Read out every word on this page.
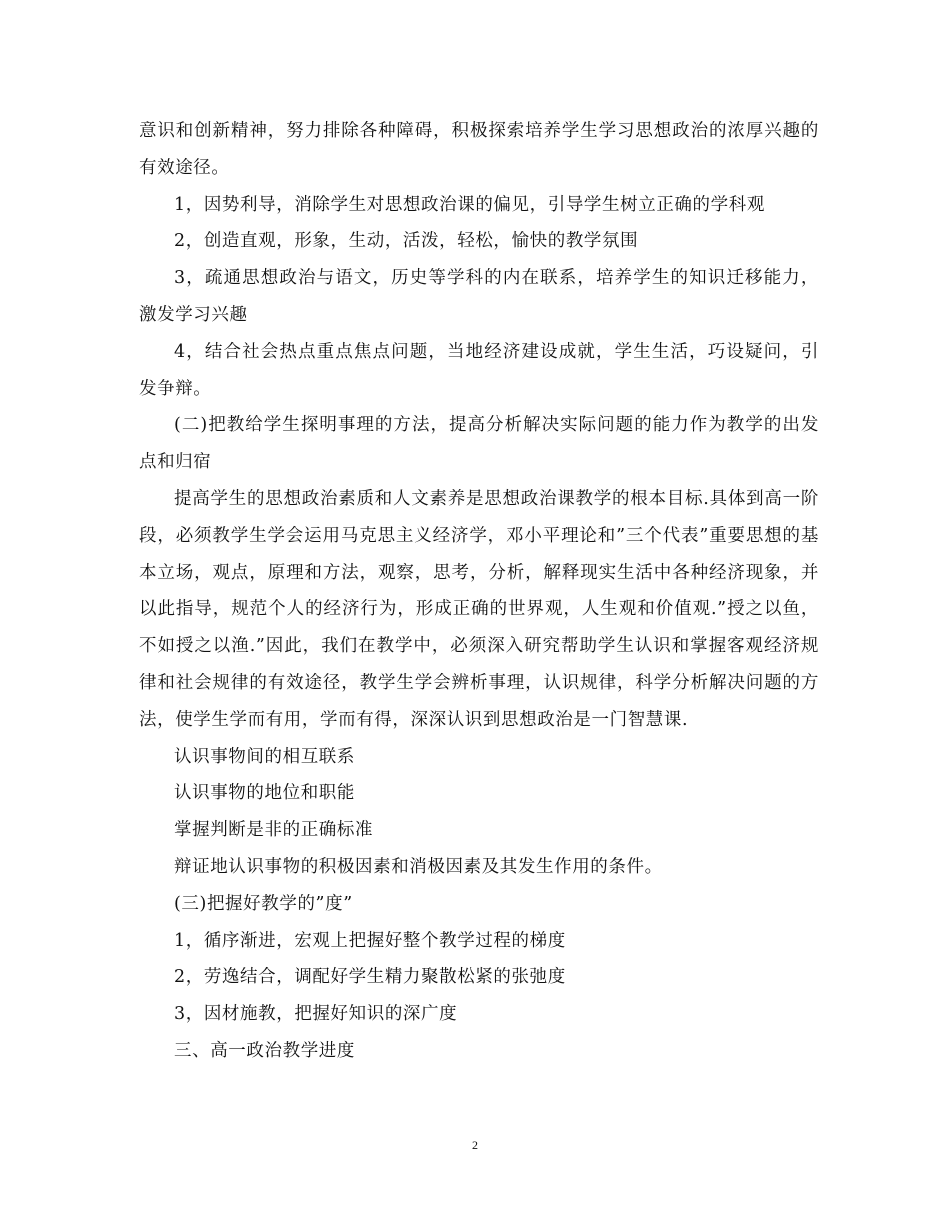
意识和创新精神，努力排除各种障碍，积极探索培养学生学习思想政治的浓厚兴趣的有效途径。

1，因势利导，消除学生对思想政治课的偏见，引导学生树立正确的学科观

2，创造直观，形象，生动，活泼，轻松，愉快的教学氛围

3，疏通思想政治与语文，历史等学科的内在联系，培养学生的知识迁移能力，激发学习兴趣

4，结合社会热点重点焦点问题，当地经济建设成就，学生生活，巧设疑问，引发争辩。

(二)把教给学生探明事理的方法，提高分析解决实际问题的能力作为教学的出发点和归宿

提高学生的思想政治素质和人文素养是思想政治课教学的根本目标.具体到高一阶段，必须教学生学会运用马克思主义经济学，邓小平理论和”三个代表”重要思想的基本立场，观点，原理和方法，观察，思考，分析，解释现实生活中各种经济现象，并以此指导，规范个人的经济行为，形成正确的世界观，人生观和价值观.”授之以鱼，不如授之以渔.”因此，我们在教学中，必须深入研究帮助学生认识和掌握客观经济规律和社会规律的有效途径，教学生学会辨析事理，认识规律，科学分析解决问题的方法，使学生学而有用，学而有得，深深认识到思想政治是一门智慧课.

认识事物间的相互联系

认识事物的地位和职能

掌握判断是非的正确标准

辩证地认识事物的积极因素和消极因素及其发生作用的条件。

(三)把握好教学的”度”

1，循序渐进，宏观上把握好整个教学过程的梯度

2，劳逸结合，调配好学生精力聚散松紧的张弛度

3，因材施教，把握好知识的深广度

三、高一政治教学进度

2
